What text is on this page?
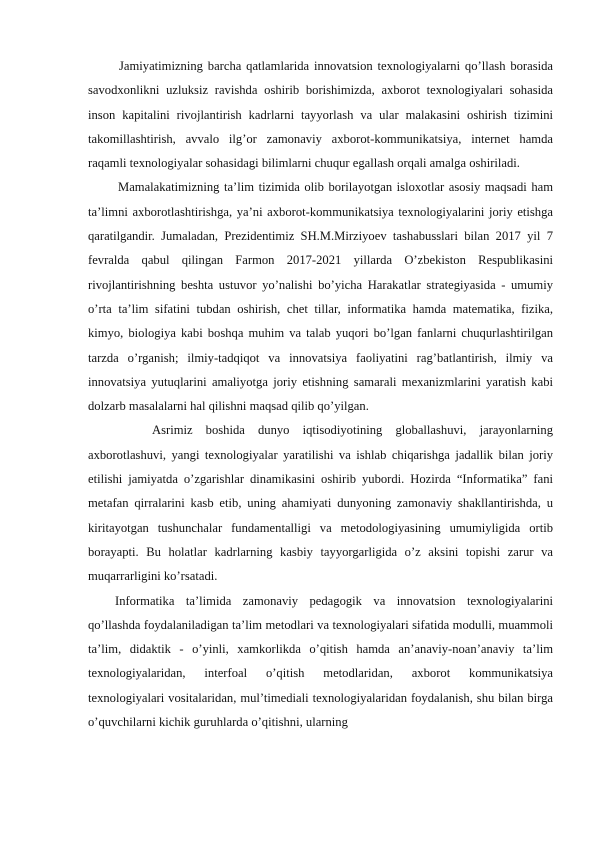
Jamiyatimizning barcha qatlamlarida innovatsion texnologiyalarni qo’llash borasida savodxonlikni uzluksiz ravishda oshirib borishimizda, axborot texnologiyalari sohasida inson kapitalini rivojlantirish kadrlarni tayyorlash va ular malakasini oshirish tizimini takomillashtirish, avvalo ilg’or zamonaviy axborot-kommunikatsiya, internet hamda raqamli texnologiyalar sohasidagi bilimlarni chuqur egallash orqali amalga oshiriladi.

Mamalakatimizning ta’lim tizimida olib borilayotgan isloxotlar asosiy maqsadi ham ta’limni axborotlashtirishga, ya’ni axborot-kommunikatsiya texnologiyalarini joriy etishga qaratilgandir. Jumaladan, Prezidentimiz SH.M.Mirziyoev tashabusslari bilan 2017 yil 7 fevralda qabul qilingan Farmon 2017-2021 yillarda O’zbekiston Respublikasini rivojlantirishning beshta ustuvor yo’nalishi bo’yicha Harakatlar strategiyasida - umumiy o’rta ta’lim sifatini tubdan oshirish, chet tillar, informatika hamda matematika, fizika, kimyo, biologiya kabi boshqa muhim va talab yuqori bo’lgan fanlarni chuqurlashtirilgan tarzda o’rganish; ilmiy-tadqiqot va innovatsiya faoliyatini rag’batlantirish, ilmiy va innovatsiya yutuqlarini amaliyotga joriy etishning samarali mexanizmlarini yaratish kabi dolzarb masalalarni hal qilishni maqsad qilib qo’yilgan.

Asrimiz boshida dunyo iqtisodiyotining globallashuvi, jarayonlarning axborotlashuvi, yangi texnologiyalar yaratilishi va ishlab chiqarishga jadallik bilan joriy etilishi jamiyatda o’zgarishlar dinamikasini oshirib yubordi. Hozirda “Informatika” fani metafan qirralarini kasb etib, uning ahamiyati dunyoning zamonaviy shakllantirishda, u kiritayotgan tushunchalar fundamentalligi va metodologiyasining umumiyligida ortib borayapti. Bu holatlar kadrlarning kasbiy tayyorgarligida o’z aksini topishi zarur va muqarrarligini ko’rsatadi.

Informatika ta’limida zamonaviy pedagogik va innovatsion texnologiyalarini qo’llashda foydalaniladigan ta’lim metodlari va texnologiyalari sifatida modulli, muammoli ta’lim, didaktik - o’yinli, xamkorlikda o’qitish hamda an’anaviy-noan’anaviy ta’lim texnologiyalaridan, interfoal o’qitish metodlaridan, axborot kommunikatsiya texnologiyalari vositalaridan, mul’timediali texnologiyalaridan foydalanish, shu bilan birga o’quvchilarni kichik guruhlarda o’qitishni, ularning
